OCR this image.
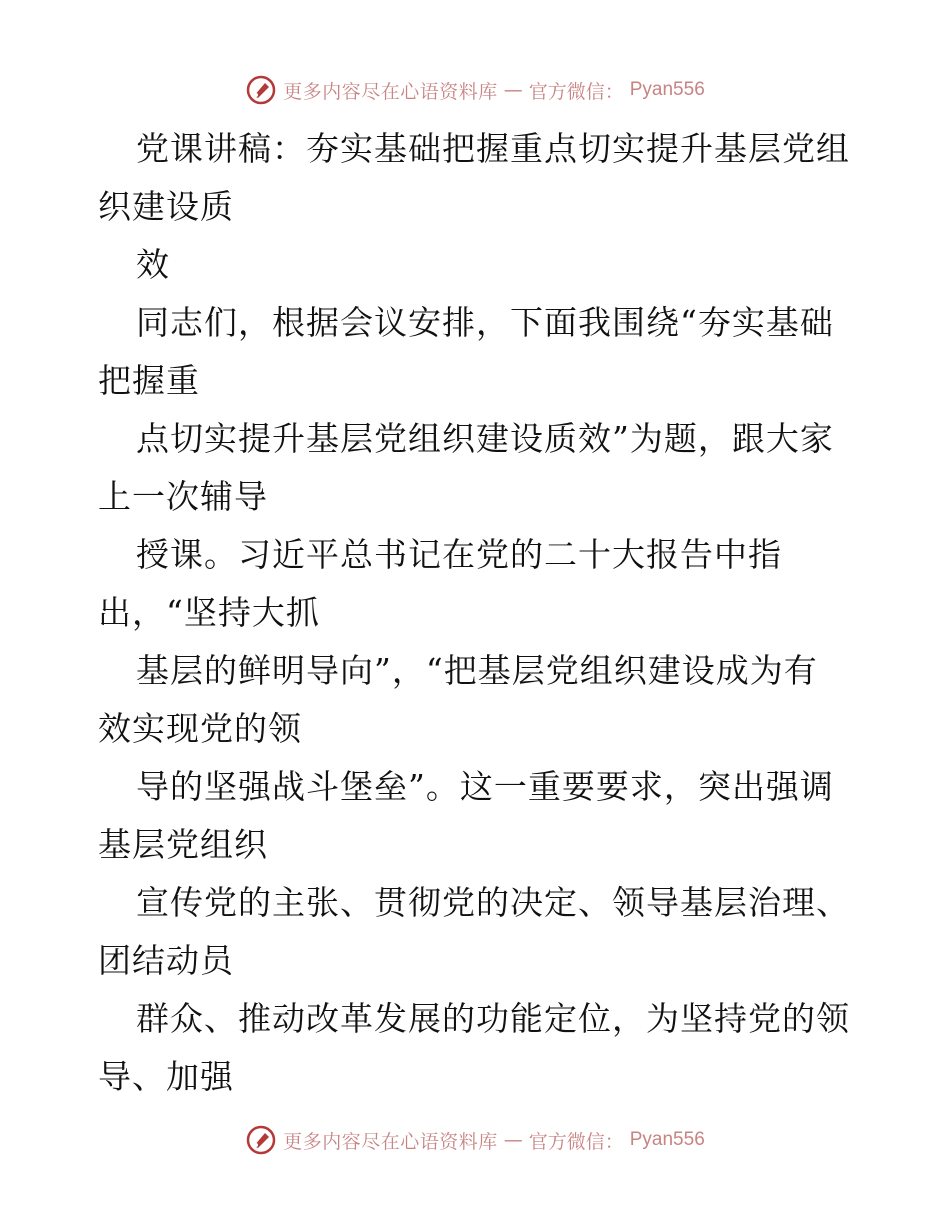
更多内容尽在心语资料库 — 官方微信： Pyan556
党课讲稿：夯实基础把握重点切实提升基层党组
织建设质
效
同志们，根据会议安排，下面我围绕“夯实基础
把握重
点切实提升基层党组织建设质效”为题，跟大家
上一次辅导
授课。习近平总书记在党的二十大报告中指
出，“坚持大抓
基层的鲜明导向”，“把基层党组织建设成为有
效实现党的领
导的坚强战斗堡垒”。这一重要要求，突出强调
基层党组织
宣传党的主张、贯彻党的决定、领导基层治理、
团结动员
群众、推动改革发展的功能定位，为坚持党的领
导、加强
更多内容尽在心语资料库 — 官方微信： Pyan556
